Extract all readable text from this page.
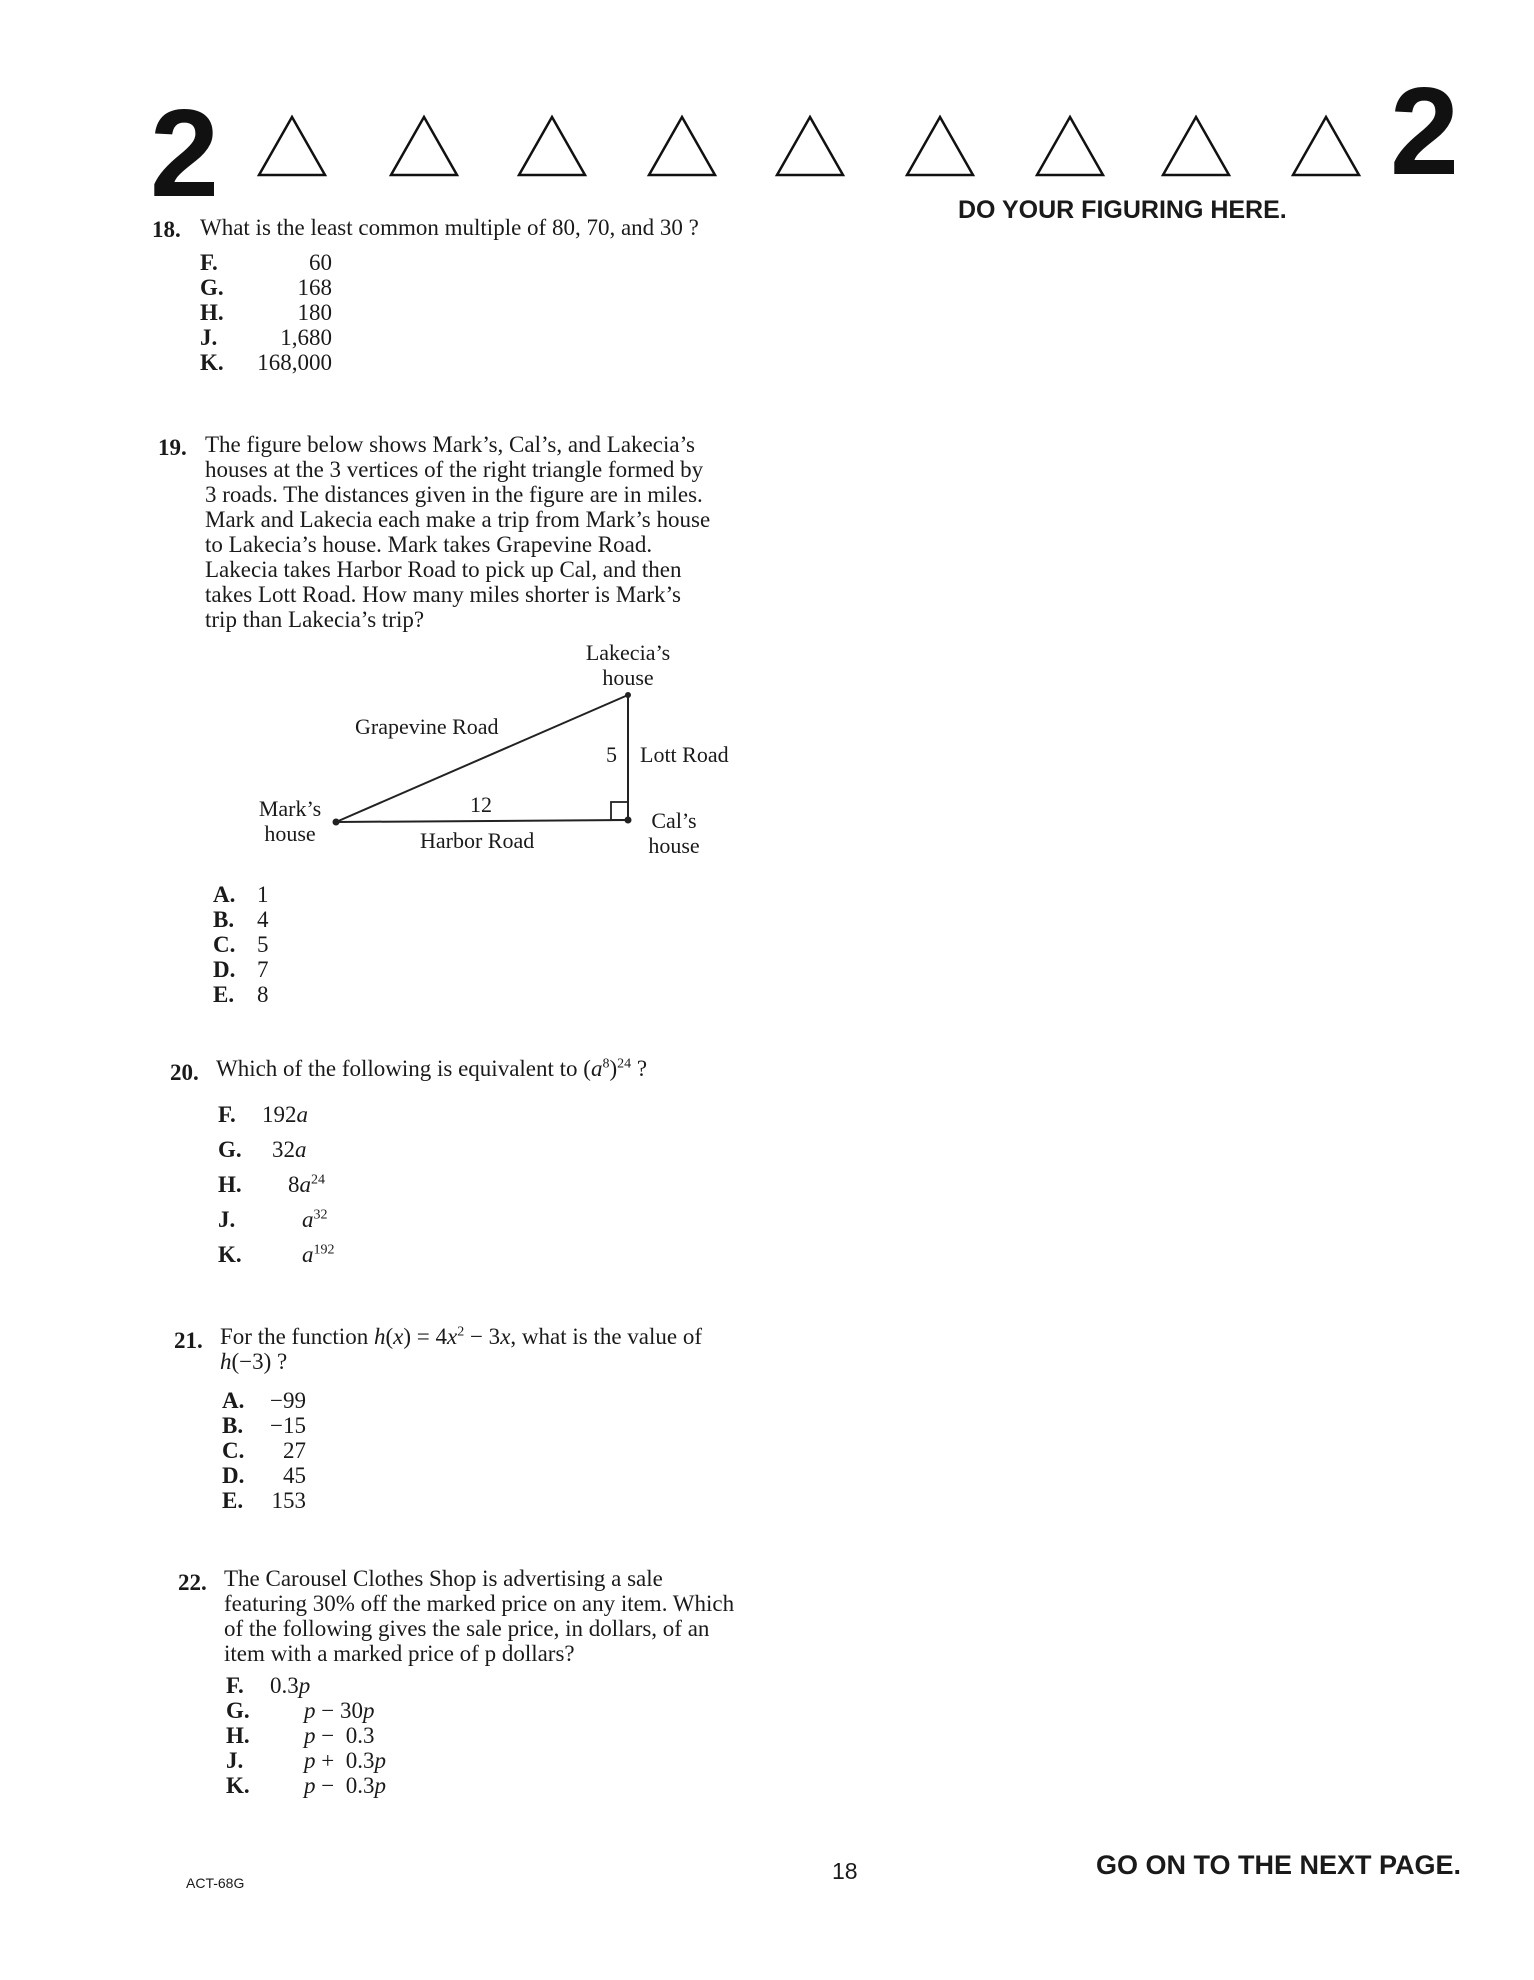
2	2
DO YOUR FIGURING HERE.
18. What is the least common multiple of 80, 70, and 30 ?
F.	60
G.	168
H.	180
J.	1,680
K. 168,000
19. The figure below shows Mark’s, Cal’s, and Lakecia’s
houses at the 3 vertices of the right triangle formed by
3 roads. The distances given in the figure are in miles.
Mark and Lakecia each make a trip from Mark’s house
to Lakecia’s house. Mark takes Grapevine Road.
Lakecia takes Harbor Road to pick up Cal, and then
takes Lott Road. How many miles shorter is Mark’s
trip than Lakecia’s trip?
Lakecia’s
house
Grapevine Road
5 Lott Road
Mark’s
house
12
Harbor Road
Cal’s
house
A. 1
B. 4
C. 5
D. 7
E. 8
20. Which of the following is equivalent to $(a^8)^{24}$ ?
F. 192a
G. 32a
H. $8a^{24}$
J.	$a^{32}$
K.	$a^{192}$
21. For the function $h(x) = 4x^2 - 3x$, what is the value of
h(−3) ?
A. −99
B. −15
C. 27
D. 45
E. 153
22. The Carousel Clothes Shop is advertising a sale
featuring 30% off the marked price on any item. Which
of the following gives the sale price, in dollars, of an
item with a marked price of p dollars?
F. 0.3p
G. p − 30p
H. p −  0.3
J.	p +  0.3p
K. p −  0.3p
ACT-68G	18	GO ON TO THE NEXT PAGE.
